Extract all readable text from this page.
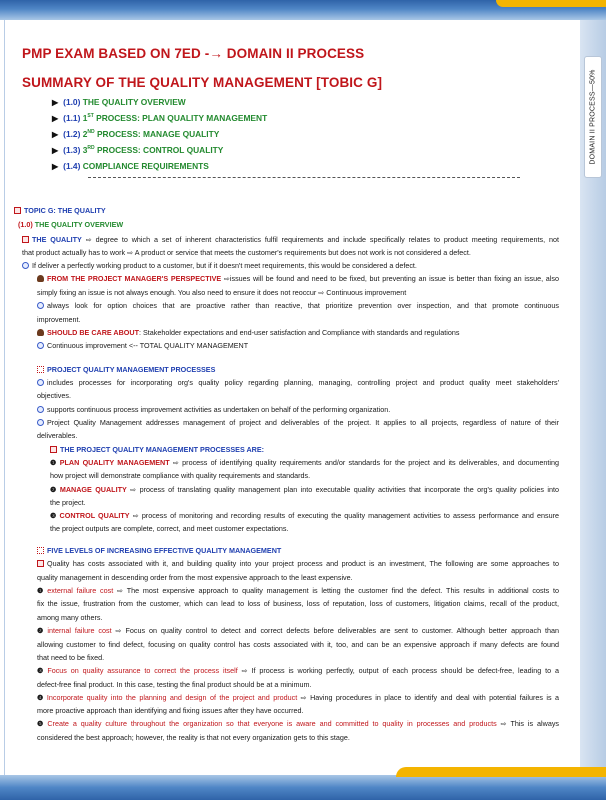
DOMAIN II PROCESS—50%
PMP EXAM BASED ON 7ED -→ DOMAIN II PROCESS
SUMMARY OF THE QUALITY MANAGEMENT [TOBIC G]
▶ (1.0) THE QUALITY OVERVIEW
▶ (1.1) 1ST PROCESS: PLAN QUALITY MANAGEMENT
▶ (1.2) 2ND PROCESS: MANAGE QUALITY
▶ (1.3) 3RD PROCESS: CONTROL QUALITY
▶ (1.4) COMPLIANCE REQUIREMENTS
TOPIC G: THE QUALITY
(1.0) THE QUALITY OVERVIEW
THE QUALITY ⇨ degree to which a set of inherent characteristics fulfil requirements and include specifically relates to product meeting requirements, not
that product actually has to work ⇨ A product or service that meets the customer's requirements but does not work is not considered a defect.
If deliver a perfectly working product to a customer, but if it doesn't meet requirements, this would be considered a defect.
FROM THE PROJECT MANAGER'S PERSPECTIVE ⇨issues will be found and need to be fixed, but preventing an issue is better than fixing an issue, also
simply fixing an issue is not always enough. You also need to ensure it does not reoccur ⇨ Continuous improvement
always look for option choices that are proactive rather than reactive, that prioritize prevention over inspection, and that promote continuous
improvement.
SHOULD BE CARE ABOUT: Stakeholder expectations and end-user satisfaction and Compliance with standards and regulations
Continuous improvement <-- TOTAL QUALITY MANAGEMENT
PROJECT QUALITY MANAGEMENT PROCESSES
includes processes for incorporating org's quality policy regarding planning, managing, controlling project and product quality meet stakeholders'
objectives.
supports continuous process improvement activities as undertaken on behalf of the performing organization.
Project Quality Management addresses management of project and deliverables of the project. It applies to all projects, regardless of nature of their
deliverables.
THE PROJECT QUALITY MANAGEMENT PROCESSES ARE:
❶ PLAN QUALITY MANAGEMENT ⇨ process of identifying quality requirements and/or standards for the project and its deliverables, and documenting
how project will demonstrate compliance with quality requirements and standards.
❷ MANAGE QUALITY ⇨ process of translating quality management plan into executable quality activities that incorporate the org's quality policies into
the project.
❸ CONTROL QUALITY ⇨ process of monitoring and recording results of executing the quality management activities to assess performance and ensure
the project outputs are complete, correct, and meet customer expectations.
FIVE LEVELS OF INCREASING EFFECTIVE QUALITY MANAGEMENT
Quality has costs associated with it, and building quality into your project process and product is an investment, The following are some approaches to
quality management in descending order from the most expensive approach to the least expensive.
❶ external failure cost ⇨ The most expensive approach to quality management is letting the customer find the defect. This results in additional costs to
fix the issue, frustration from the customer, which can lead to loss of business, loss of reputation, loss of customers, litigation claims, recall of the product,
among many others.
❷ internal failure cost ⇨ Focus on quality control to detect and correct defects before deliverables are sent to customer. Although better approach than
allowing customer to find defect, focusing on quality control has costs associated with it, too, and can be an expensive approach if many defects are found
that need to be fixed.
❸ Focus on quality assurance to correct the process itself ⇨ If process is working perfectly, output of each process should be defect-free, leading to a
defect-free final product. In this case, testing the final product should be at a minimum.
❹ Incorporate quality into the planning and design of the project and product ⇨ Having procedures in place to identify and deal with potential failures is a
more proactive approach than identifying and fixing issues after they have occurred.
❺ Create a quality culture throughout the organization so that everyone is aware and committed to quality in processes and products ⇨ This is always
considered the best approach; however, the reality is that not every organization gets to this stage.
